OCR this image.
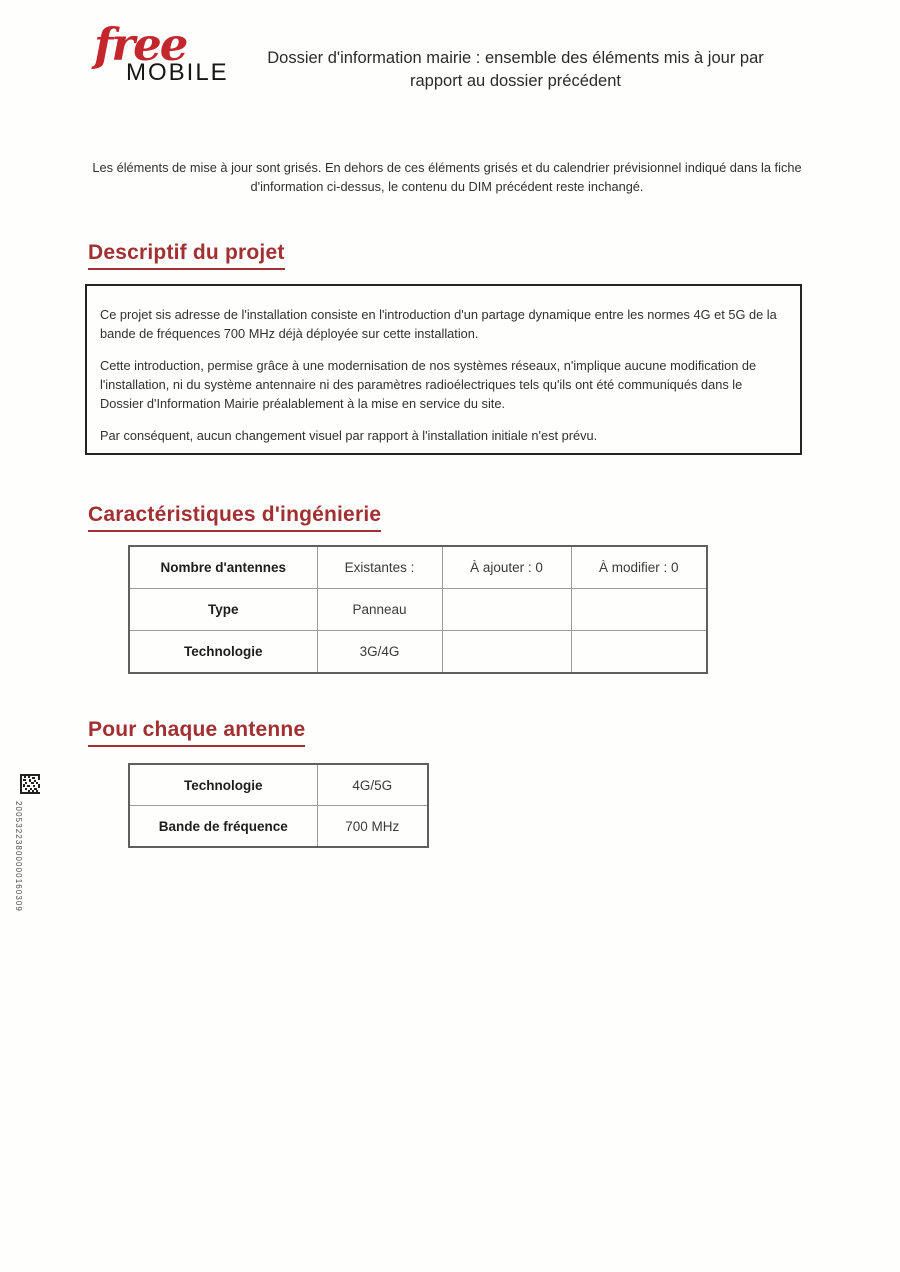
free
MOBILE
Dossier d'information mairie : ensemble des éléments mis à jour par rapport au dossier précédent
Les éléments de mise à jour sont grisés. En dehors de ces éléments grisés et du calendrier prévisionnel indiqué dans la fiche d'information ci-dessus, le contenu du DIM précédent reste inchangé.
Descriptif du projet

Ce projet sis adresse de l'installation consiste en l'introduction d'un partage dynamique entre les normes 4G et 5G de la bande de fréquences 700 MHz déjà déployée sur cette installation.

Cette introduction, permise grâce à une modernisation de nos systèmes réseaux, n'implique aucune modification de l'installation, ni du système antennaire ni des paramètres radioélectriques tels qu'ils ont été communiqués dans le Dossier d'Information Mairie préalablement à la mise en service du site.

Par conséquent, aucun changement visuel par rapport à l'installation initiale n'est prévu.

Caractéristiques d'ingénierie
Nombre d'antennes	Existantes :	À ajouter : 0	À modifier : 0
Type	Panneau		
Technologie	3G/4G		
Pour chaque antenne
Technologie	4G/5G
Bande de fréquence	700 MHz
20053223800000160309
